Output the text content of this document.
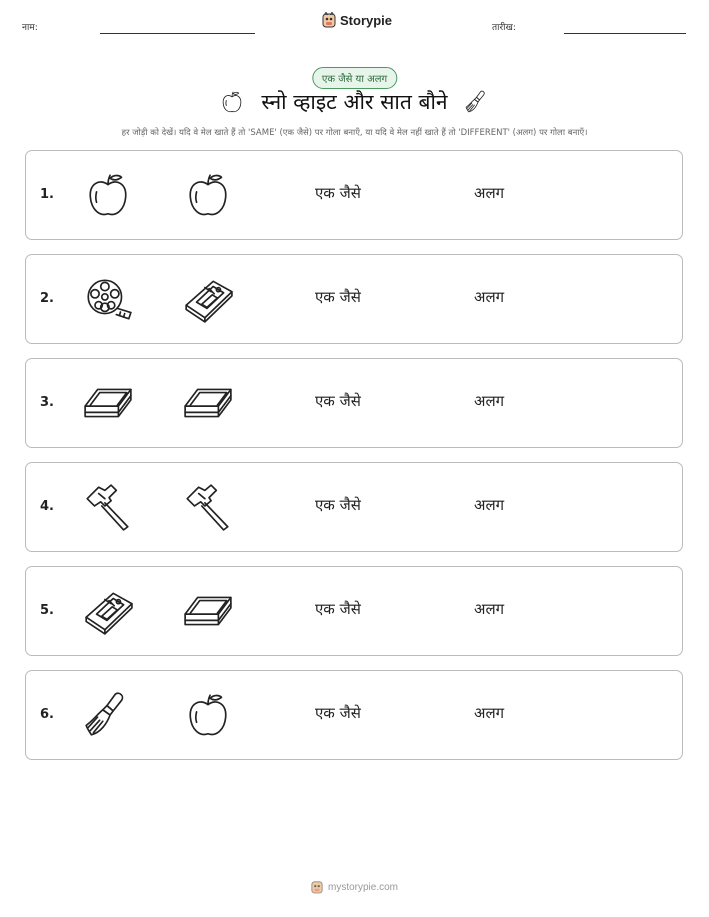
नाम:
Storypie
तारीख:
एक जैसे या अलग
स्नो व्हाइट और सात बौने
हर जोड़ी को देखें। यदि वे मेल खाते हैं तो 'SAME' (एक जैसे) पर गोला बनाएँ, या यदि वे मेल नहीं खाते हैं तो 'DIFFERENT' (अलग) पर गोला बनाएँ।
1.	एक जैसे	अलग
2.	एक जैसे	अलग
3.	एक जैसे	अलग
4.	एक जैसे	अलग
5.	एक जैसे	अलग
6.	एक जैसे	अलग
mystorypie.com
